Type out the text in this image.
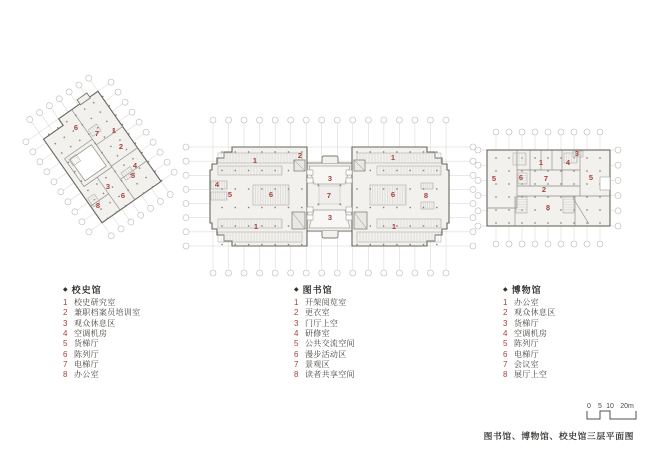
6
7 1
2
4
5
3
6
8
1
2
3
1
4
5	6	7	6	8
3
1	1
3
1	4
5	6	7	5
2
8
0 5 10 20m
◆ 校史馆
1 校史研究室
2 兼职档案员培训室
3 观众休息区
4 空调机房
5 货梯厅
6 陈列厅
7 电梯厅
8 办公室
◆ 图书馆
1 开架阅览室
2 更衣室
3 门厅上空
4 研修室
5 公共交流空间
6 漫步活动区
7 景观区
8 读者共享空间
◆ 博物馆
1 办公室
2 观众休息区
3 货梯厅
4 空调机房
5 陈列厅
6 电梯厅
7 会议室
8 展厅上空
图书馆、博物馆、校史馆三层平面图
